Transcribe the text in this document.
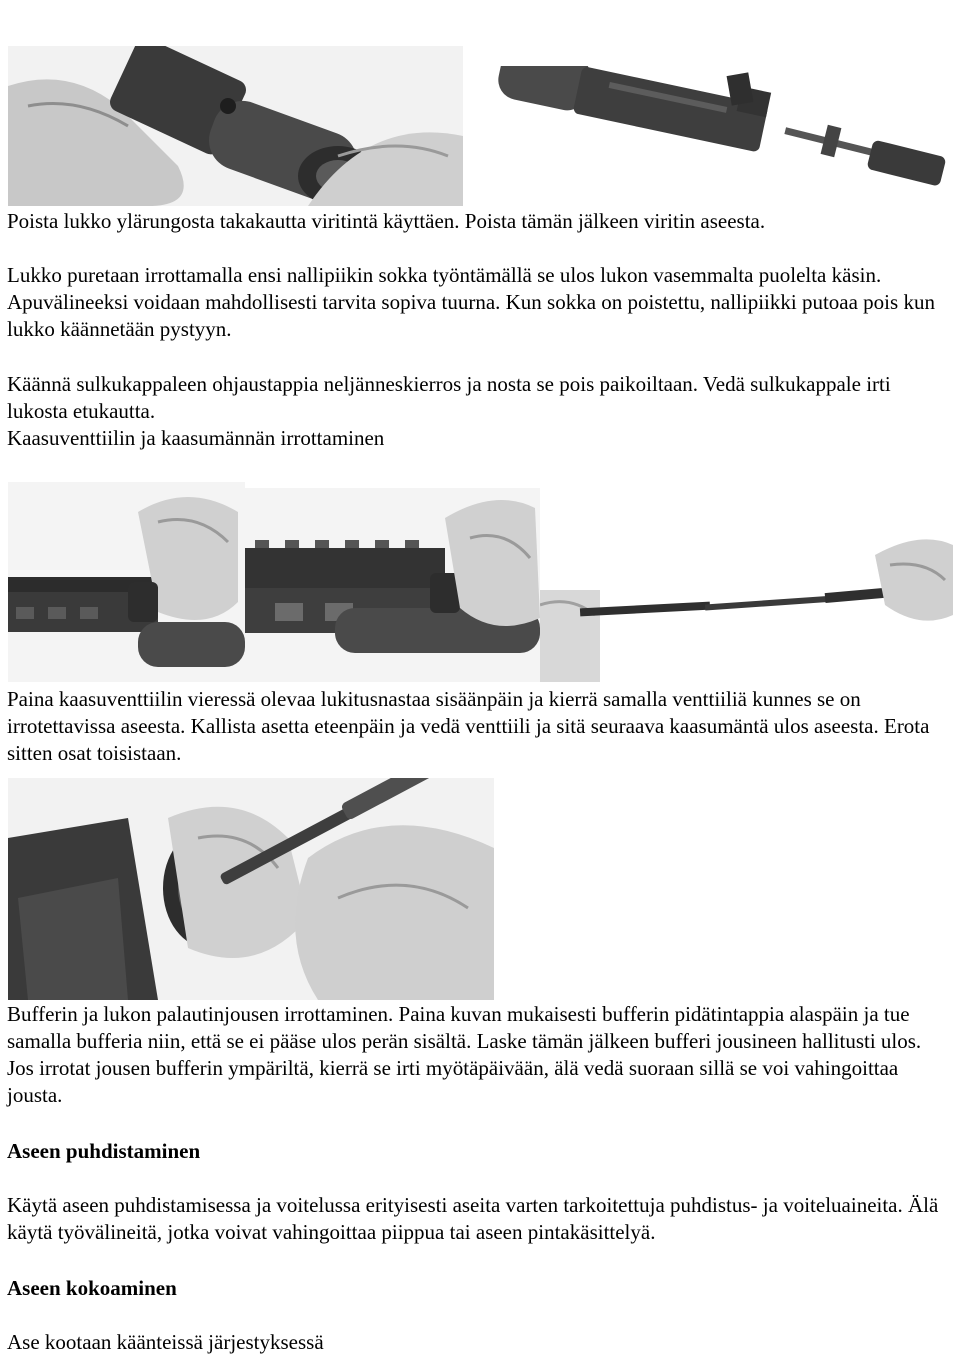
Poista lukko ylärungosta takakautta viritintä käyttäen. Poista tämän jälkeen viritin aseesta.

Lukko puretaan irrottamalla ensi nallipiikin sokka työntämällä se ulos lukon vasemmalta puolelta käsin. Apuvälineeksi voidaan mahdollisesti tarvita sopiva tuurna. Kun sokka on poistettu, nallipiikki putoaa pois kun lukko käännetään pystyyn.

Käännä sulkukappaleen ohjaustappia neljänneskierros ja nosta se pois paikoiltaan. Vedä sulkukappale irti lukosta etukautta.

Kaasuventtiilin ja kaasumännän irrottaminen

Paina kaasuventtiilin vieressä olevaa lukitusnastaa sisäänpäin ja kierrä samalla venttiiliä kunnes se on irrotettavissa aseesta. Kallista asetta eteenpäin ja vedä venttiili ja sitä seuraava kaasumäntä ulos aseesta. Erota sitten osat toisistaan.

Bufferin ja lukon palautinjousen irrottaminen. Paina kuvan mukaisesti bufferin pidätintappia alaspäin ja tue samalla bufferia niin, että se ei pääse ulos perän sisältä. Laske tämän jälkeen bufferi jousineen hallitusti ulos. Jos irrotat jousen bufferin ympäriltä, kierrä se irti myötäpäivään, älä vedä suoraan sillä se voi vahingoittaa jousta.

Aseen puhdistaminen

Käytä aseen puhdistamisessa ja voitelussa erityisesti aseita varten tarkoitettuja puhdistus- ja voiteluaineita. Älä käytä työvälineitä, jotka voivat vahingoittaa piippua tai aseen pintakäsittelyä.

Aseen kokoaminen

Ase kootaan käänteissä järjestyksessä
